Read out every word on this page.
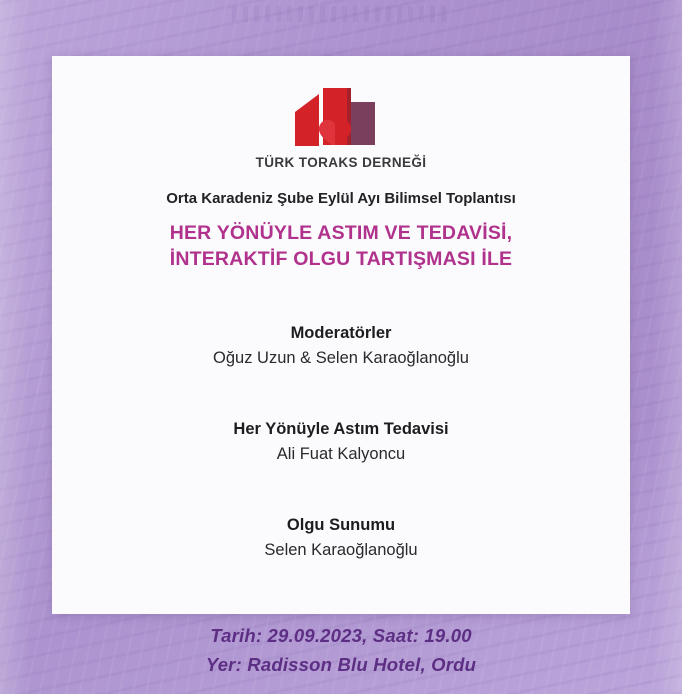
TÜRK TORAKS DERNEĞİ
Orta Karadeniz Şube Eylül Ayı Bilimsel Toplantısı
HER YÖNÜYLE ASTIM VE TEDAVİSİ,
İNTERAKTİF OLGU TARTIŞMASI İLE
Moderatörler
Oğuz Uzun & Selen Karaoğlanoğlu
Her Yönüyle Astım Tedavisi
Ali Fuat Kalyoncu
Olgu Sunumu
Selen Karaoğlanoğlu
Tarih: 29.09.2023, Saat: 19.00
Yer: Radisson Blu Hotel, Ordu
